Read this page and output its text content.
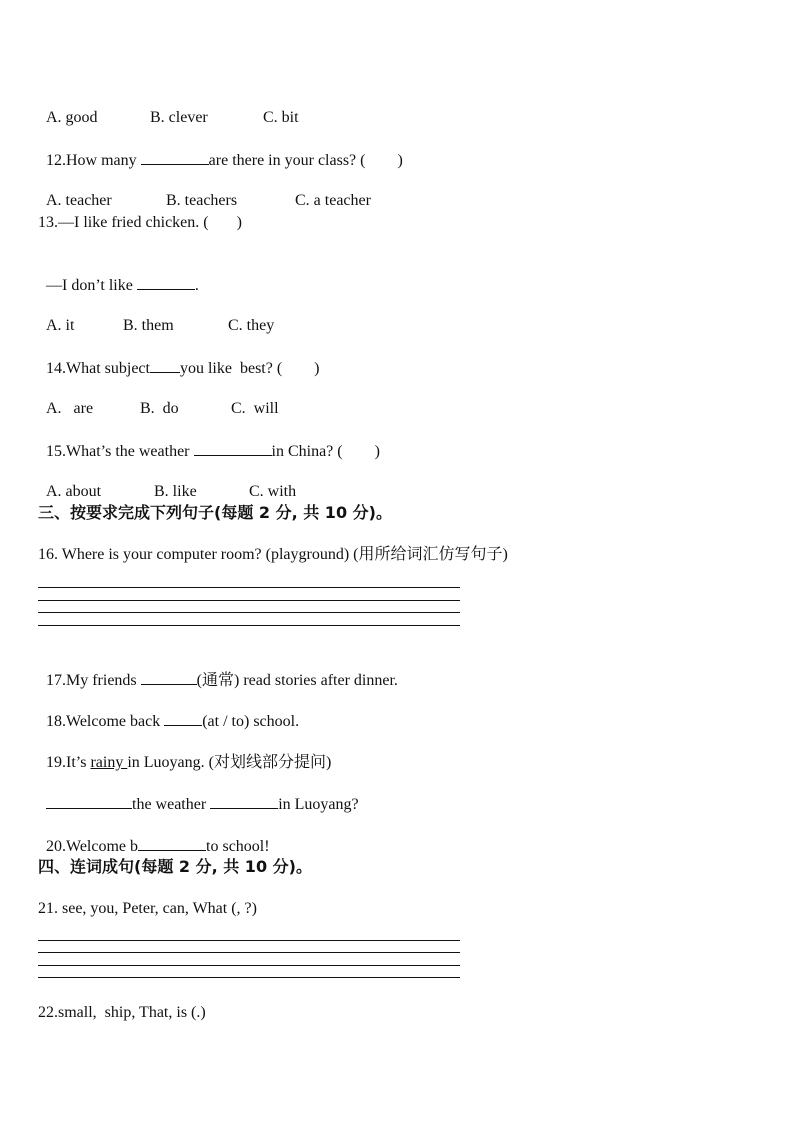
A. good	B. clever	C. bit

12.How many	are there in your class? (        )

A. teacher	B. teachers	C. a teacher

13.—I like fried chicken. (       )

—I don’t like	.

A. it	B. them	C. they

14.What subject you like  best? (        )

A.   are	B.  do	C.  will

15.What’s the weather	in China? (        )

A. about	B. like	C. with

三、按要求完成下列句子(每题 2 分, 共 10 分)。
16. Where is your computer room? (playground) (用所给词汇仿写句子)

17.My friends	(通常) read stories after dinner.

18.Welcome back (at / to) school.

19.It’s rainy in Luoyang. (对划线部分提问)

the weather	in Luoyang?

20.Welcome b	to school!

四、连词成句(每题 2 分, 共 10 分)。
21. see, you, Peter, can, What (, ?)
22.small,  ship, That, is (.)
